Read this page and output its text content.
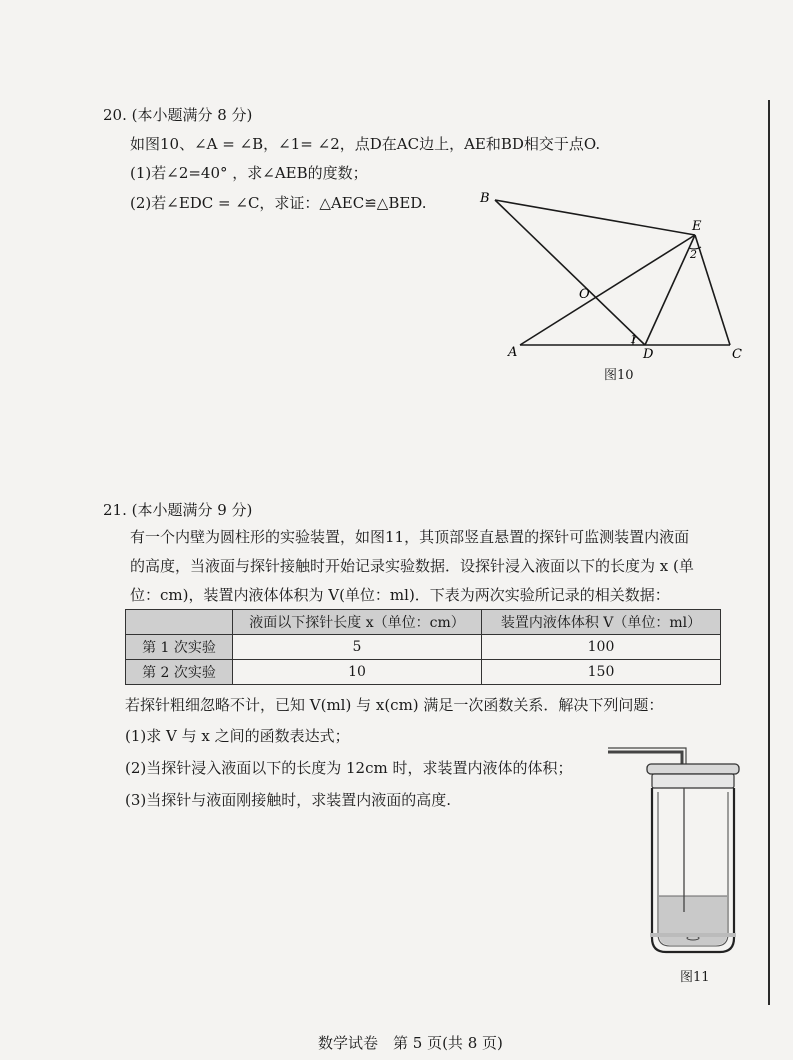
20. (本小题满分 8 分)
如图10、∠A = ∠B，∠1= ∠2，点D在AC边上，AE和BD相交于点O.
(1)若∠2=40° ，求∠AEB的度数；
(2)若∠EDC = ∠C，求证：△AEC≌△BED.	B
E
O
A	D	C
1
2
图10
21. (本小题满分 9 分)
有一个内壁为圆柱形的实验装置，如图11，其顶部竖直悬置的探针可监测装置内液面
的高度，当液面与探针接触时开始记录实验数据．设探针浸入液面以下的长度为 x (单
位：cm)，装置内液体体积为 V(单位：ml)．下表为两次实验所记录的相关数据：
	液面以下探针长度 x（单位：cm）	装置内液体体积 V（单位：ml）
第 1 次实验	5	100
第 2 次实验	10	150
若探针粗细忽略不计，已知 V(ml) 与 x(cm) 满足一次函数关系．解决下列问题：
(1)求 V 与 x 之间的函数表达式；
(2)当探针浸入液面以下的长度为 12cm 时，求装置内液体的体积；
(3)当探针与液面刚接触时，求装置内液面的高度.
图11
数学试卷　第 5 页(共 8 页)
